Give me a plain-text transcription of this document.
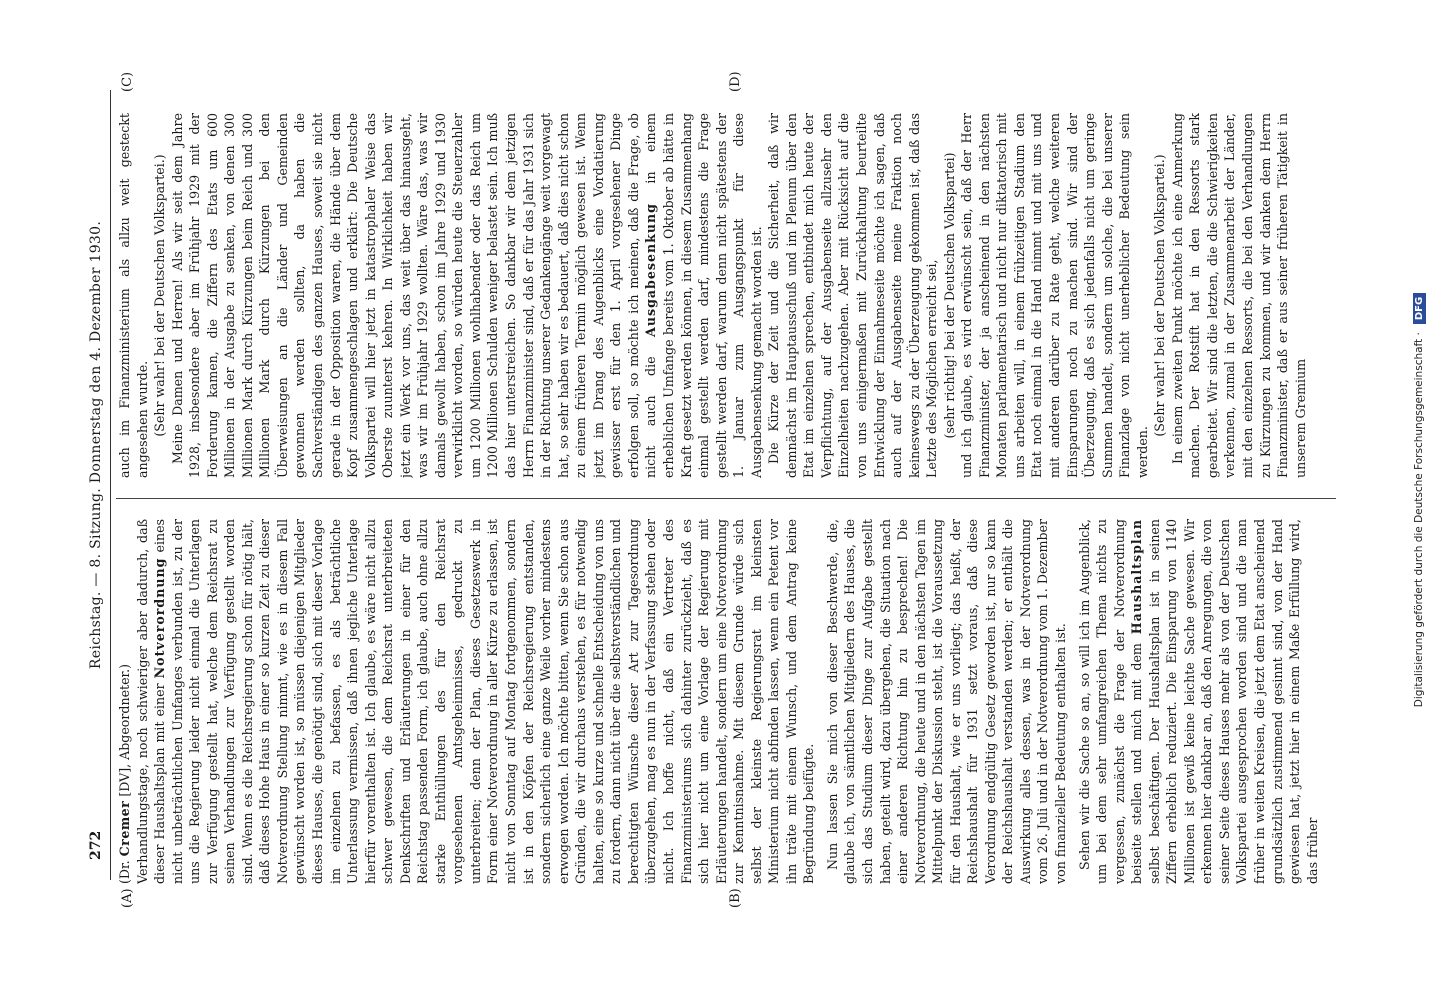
272
Reichstag. — 8. Sitzung. Donnerstag den 4. Dezember 1930.
(A)	(B)
(C)	(D)

(Dr. Cremer [DV], Abgeordneter.) Verhandlungstage, noch schwieriger aber dadurch, daß dieser Haushaltsplan mit einer Notverordnung eines nicht unbeträchtlichen Umfanges verbunden ist, zu der uns die Regierung leider nicht einmal die Unterlagen zur Verfügung gestellt hat, welche dem Reichsrat zu seinen Verhandlungen zur Verfügung gestellt worden sind. Wenn es die Reichsregierung schon für nötig hält, daß dieses Hohe Haus in einer so kurzen Zeit zu dieser Notverordnung Stellung nimmt, wie es in diesem Fall gewünscht worden ist, so müssen diejenigen Mitglieder dieses Hauses, die genötigt sind, sich mit dieser Vorlage im einzelnen zu befassen, es als beträchtliche Unterlassung vermissen, daß ihnen jegliche Unterlage hierfür vorenthalten ist. Ich glaube, es wäre nicht allzu schwer gewesen, die dem Reichsrat unterbreiteten Denkschriften und Erläuterungen in einer für den Reichstag passenden Form, ich glaube, auch ohne allzu starke Enthüllungen des für den Reichsrat vorgesehenen Amtsgeheimnisses, gedruckt zu unterbreiten; denn der Plan, dieses Gesetzeswerk in Form einer Notverordnung in aller Kürze zu erlassen, ist nicht von Sonntag auf Montag fortgenommen, sondern ist in den Köpfen der Reichsregierung entstanden, sondern sicherlich eine ganze Weile vorher mindestens erwogen worden. Ich möchte bitten, wenn Sie schon aus Gründen, die wir durchaus verstehen, es für notwendig halten, eine so kurze und schnelle Entscheidung von uns zu fordern, dann nicht über die selbstverständlichen und berechtigten Wünsche dieser Art zur Tagesordnung überzugehen, mag es nun in der Verfassung stehen oder nicht. Ich hoffe nicht, daß ein Vertreter des Finanzministeriums sich dahinter zurückzieht, daß es sich hier nicht um eine Vorlage der Regierung mit Erläuterungen handelt, sondern um eine Notverordnung zur Kenntnisnahme. Mit diesem Grunde würde sich selbst der kleinste Regierungsrat im kleinsten Ministerium nicht abfinden lassen, wenn ein Petent vor ihn träte mit einem Wunsch, und dem Antrag keine Begründung beifügte. Nun lassen Sie mich von dieser Beschwerde, die, glaube ich, von sämtlichen Mitgliedern des Hauses, die sich das Studium dieser Dinge zur Aufgabe gestellt haben, geteilt wird, dazu übergehen, die Situation nach einer anderen Richtung hin zu besprechen! Die Notverordnung, die heute und in den nächsten Tagen im Mittelpunkt der Diskussion steht, ist die Voraussetzung für den Haushalt, wie er uns vorliegt; das heißt, der Reichshaushalt für 1931 setzt voraus, daß diese Verordnung endgültig Gesetz geworden ist, nur so kann der Reichshaushalt verstanden werden; er enthält die Auswirkung alles dessen, was in der Notverordnung vom 26. Juli und in der Notverordnung vom 1. Dezember von finanzieller Bedeutung enthalten ist. Sehen wir die Sache so an, so will ich im Augenblick, um bei dem sehr umfangreichen Thema nichts zu vergessen, zunächst die Frage der Notverordnung beiseite stellen und mich mit dem Haushaltsplan selbst beschäftigen. Der Haushaltsplan ist in seinen Ziffern erheblich reduziert. Die Einsparung von 1140 Millionen ist gewiß keine leichte Sache gewesen. Wir erkennen hier dankbar an, daß den Anregungen, die von seiner Seite dieses Hauses mehr als von der Deutschen Volkspartei ausgesprochen worden sind und die man früher in weiten Kreisen, die jetzt dem Etat anscheinend grundsätzlich zustimmend gesinnt sind, von der Hand gewiesen hat, jetzt hier in einem Maße Erfüllung wird, das früher

auch im Finanzministerium als allzu weit gesteckt angesehen wurde. (Sehr wahr! bei der Deutschen Volkspartei.) Meine Damen und Herren! Als wir seit dem Jahre 1928, insbesondere aber im Frühjahr 1929 mit der Forderung kamen, die Ziffern des Etats um 600 Millionen in der Ausgabe zu senken, von denen 300 Millionen Mark durch Kürzungen beim Reich und 300 Millionen Mark durch Kürzungen bei den Überweisungen an die Länder und Gemeinden gewonnen werden sollten, da haben die Sachverständigen des ganzen Hauses, soweit sie nicht gerade in der Opposition waren, die Hände über dem Kopf zusammengeschlagen und erklärt: Die Deutsche Volkspartei will hier jetzt in katastrophaler Weise das Oberste zuunterst kehren. In Wirklichkeit haben wir jetzt ein Werk vor uns, das weit über das hinausgeht, was wir im Frühjahr 1929 wollten. Wäre das, was wir damals gewollt haben, schon im Jahre 1929 und 1930 verwirklicht worden, so würden heute die Steuerzahler um 1200 Millionen wohlhabender oder das Reich um 1200 Millionen Schulden weniger belastet sein. Ich muß das hier unterstreichen. So dankbar wir dem jetzigen Herrn Finanzminister sind, daß er für das Jahr 1931 sich in der Richtung unserer Gedankengänge weit vorgewagt hat, so sehr haben wir es bedauert, daß dies nicht schon zu einem früheren Termin möglich gewesen ist. Wenn jetzt im Drang des Augenblicks eine Vordatierung gewisser erst für den 1. April vorgesehener Dinge erfolgen soll, so möchte ich meinen, daß die Frage, ob nicht auch die Ausgabesenkung in einem erheblichen Umfange bereits vom 1. Oktober ab hätte in Kraft gesetzt werden können, in diesem Zusammenhang einmal gestellt werden darf, mindestens die Frage gestellt werden darf, warum denn nicht spätestens der 1. Januar zum Ausgangspunkt für diese Ausgabensenkung gemacht worden ist. Die Kürze der Zeit und die Sicherheit, daß wir demnächst im Hauptausschuß und im Plenum über den Etat im einzelnen sprechen, entbindet mich heute der Verpflichtung, auf der Ausgabenseite allzusehr den Einzelheiten nachzugehen. Aber mit Rücksicht auf die von uns einigermaßen mit Zurückhaltung beurteilte Entwicklung der Einnahmeseite möchte ich sagen, daß auch auf der Ausgabenseite meine Fraktion noch keineswegs zu der Überzeugung gekommen ist, daß das Letzte des Möglichen erreicht sei, (sehr richtig! bei der Deutschen Volkspartei) und ich glaube, es wird erwünscht sein, daß der Herr Finanzminister, der ja anscheinend in den nächsten Monaten parlamentarisch und nicht nur diktatorisch mit uns arbeiten will, in einem frühzeitigen Stadium den Etat noch einmal in die Hand nimmt und mit uns und mit anderen darüber zu Rate geht, welche weiteren Einsparungen noch zu machen sind. Wir sind der Überzeugung, daß es sich jedenfalls nicht um geringe Summen handelt, sondern um solche, die bei unserer Finanzlage von nicht unerheblicher Bedeutung sein werden.

(Sehr wahr! bei der Deutschen Volkspartei.) In einem zweiten Punkt möchte ich eine Anmerkung machen. Der Rotstift hat in den Ressorts stark gearbeitet. Wir sind die letzten, die die Schwierigkeiten verkennen, zumal in der Zusammenarbeit der Länder, mit den einzelnen Ressorts, die bei den Verhandlungen zu Kürzungen zu kommen, und wir danken dem Herrn Finanzminister, daß er aus seiner früheren Tätigkeit in unserem Gremium	Digitalisierung gefördert durch die Deutsche Forschungsgemeinschaft ·
DFG
